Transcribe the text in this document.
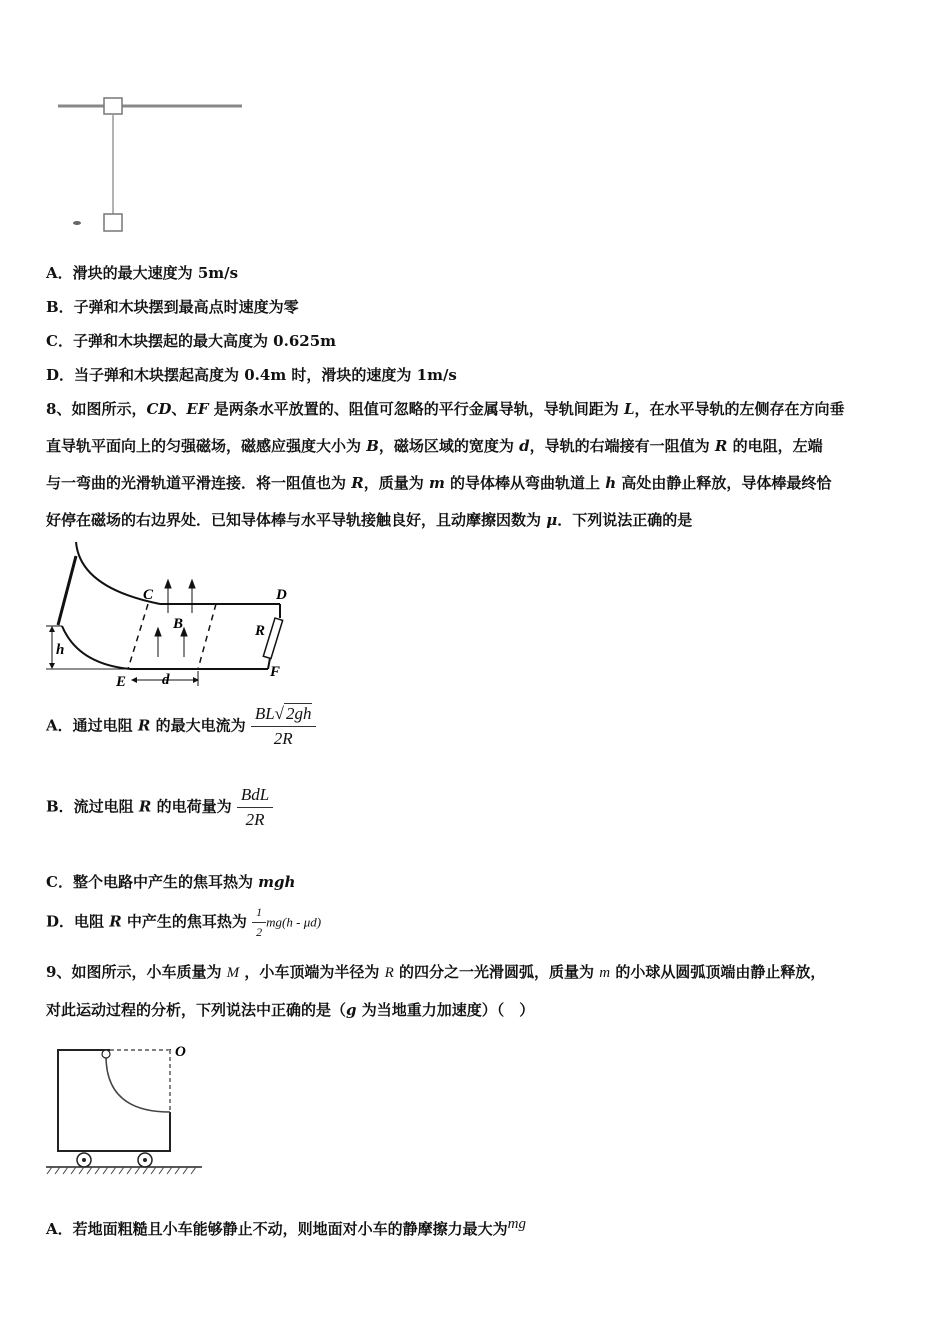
A．滑块的最大速度为 5m/s
B．子弹和木块摆到最高点时速度为零
C．子弹和木块摆起的最大高度为 0.625m
D．当子弹和木块摆起高度为 0.4m 时，滑块的速度为 1m/s
8、如图所示，CD、EF 是两条水平放置的、阻值可忽略的平行金属导轨，导轨间距为 L，在水平导轨的左侧存在方向垂
直导轨平面向上的匀强磁场，磁感应强度大小为 B，磁场区域的宽度为 d，导轨的右端接有一阻值为 R 的电阻，左端
与一弯曲的光滑轨道平滑连接．将一阻值也为 R，质量为 m 的导体棒从弯曲轨道上 h 高处由静止释放，导体棒最终恰
好停在磁场的右边界处．已知导体棒与水平导轨接触良好，且动摩擦因数为 μ．下列说法正确的是
C	D
B	R
h
E d	F
A．通过电阻 R 的最大电流为 $\frac{BL√ 2gh}{2R}$
B．流过电阻 R 的电荷量为 $\frac{\text{BdL}}{2R}$
C．整个电路中产生的焦耳热为 mgh
D．电阻 R 中产生的焦耳热为 $\frac{1}{2} mg(h - \mu d)$
9、如图所示，小车质量为 M ，小车顶端为半径为 R 的四分之一光滑圆弧，质量为 m 的小球从圆弧顶端由静止释放，
对此运动过程的分析，下列说法中正确的是（g 为当地重力加速度）（　）
O
A．若地面粗糙且小车能够静止不动，则地面对小车的静摩擦力最大为mg
